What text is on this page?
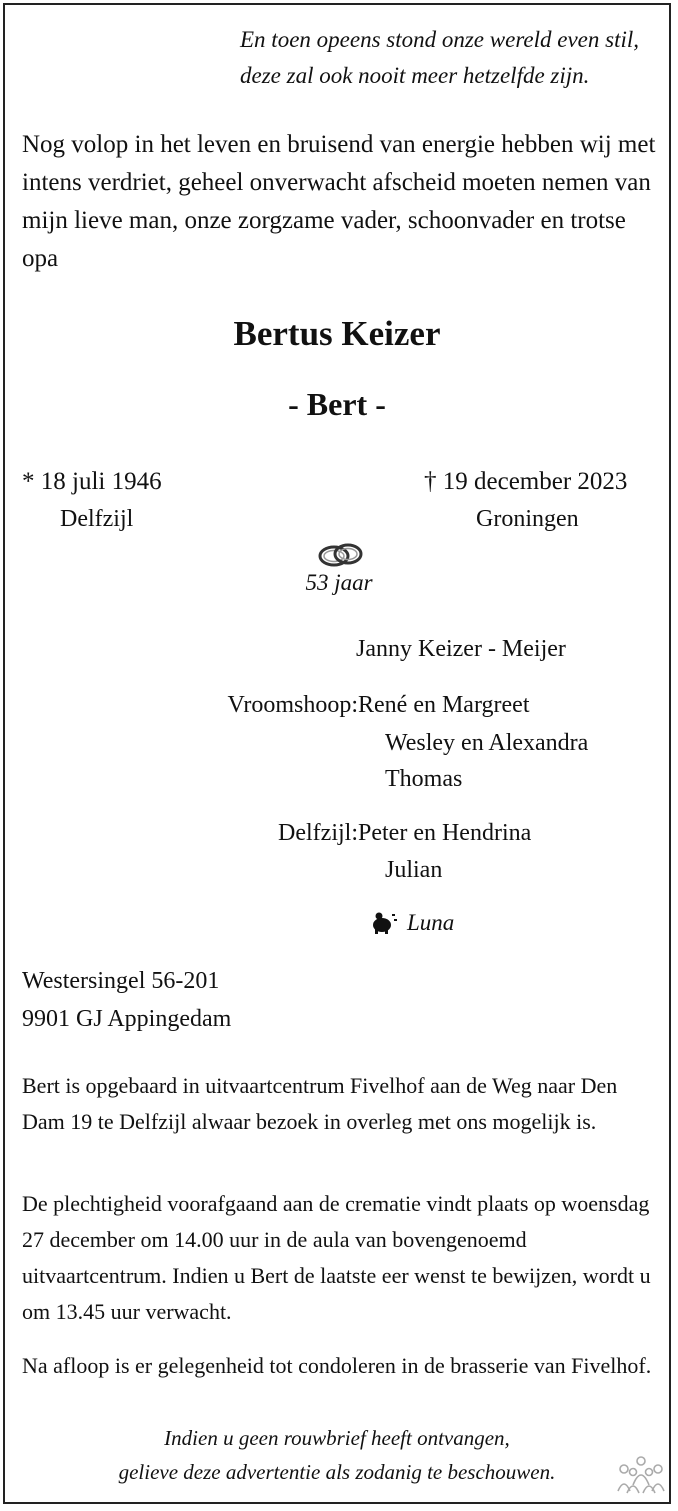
En toen opeens stond onze wereld even stil,
deze zal ook nooit meer hetzelfde zijn.
Nog volop in het leven en bruisend van energie hebben wij met intens verdriet, geheel onverwacht afscheid moeten nemen van mijn lieve man, onze zorgzame vader, schoonvader en trotse opa
Bertus Keizer
- Bert -
* 18 juli 1946
Delfzijl
† 19 december 2023
Groningen
53 jaar
Janny Keizer - Meijer
Vroomshoop: René en Margreet
Wesley en Alexandra
Thomas
Delfzijl: Peter en Hendrina
Julian
Luna
Westersingel 56-201
9901 GJ Appingedam
Bert is opgebaard in uitvaartcentrum Fivelhof aan de Weg naar Den Dam 19 te Delfzijl alwaar bezoek in overleg met ons mogelijk is.
De plechtigheid voorafgaand aan de crematie vindt plaats op woensdag 27 december om 14.00 uur in de aula van bovengenoemd uitvaartcentrum. Indien u Bert de laatste eer wenst te bewijzen, wordt u om 13.45 uur verwacht.
Na afloop is er gelegenheid tot condoleren in de brasserie van Fivelhof.
Indien u geen rouwbrief heeft ontvangen,
gelieve deze advertentie als zodanig te beschouwen.
